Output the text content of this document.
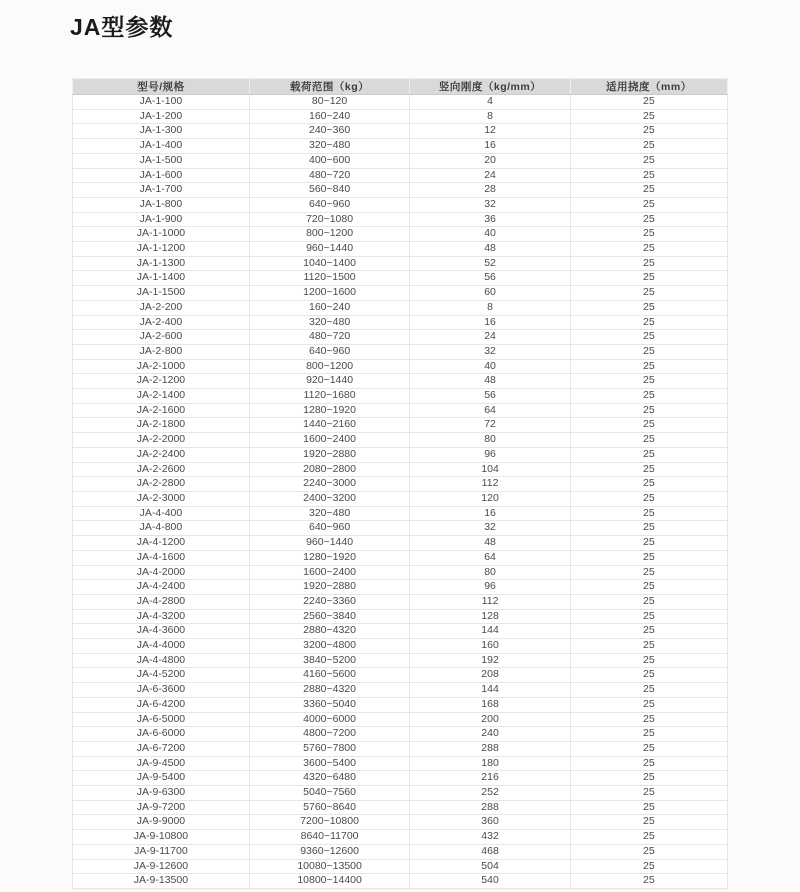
JA型参数
型号/规格	载荷范围（kg）	竖向刚度（kg/mm）	适用挠度（mm）
JA-1-100	80~120	4	25
JA-1-200	160~240	8	25
JA-1-300	240~360	12	25
JA-1-400	320~480	16	25
JA-1-500	400~600	20	25
JA-1-600	480~720	24	25
JA-1-700	560~840	28	25
JA-1-800	640~960	32	25
JA-1-900	720~1080	36	25
JA-1-1000	800~1200	40	25
JA-1-1200	960~1440	48	25
JA-1-1300	1040~1400	52	25
JA-1-1400	1120~1500	56	25
JA-1-1500	1200~1600	60	25
JA-2-200	160~240	8	25
JA-2-400	320~480	16	25
JA-2-600	480~720	24	25
JA-2-800	640~960	32	25
JA-2-1000	800~1200	40	25
JA-2-1200	920~1440	48	25
JA-2-1400	1120~1680	56	25
JA-2-1600	1280~1920	64	25
JA-2-1800	1440~2160	72	25
JA-2-2000	1600~2400	80	25
JA-2-2400	1920~2880	96	25
JA-2-2600	2080~2800	104	25
JA-2-2800	2240~3000	112	25
JA-2-3000	2400~3200	120	25
JA-4-400	320~480	16	25
JA-4-800	640~960	32	25
JA-4-1200	960~1440	48	25
JA-4-1600	1280~1920	64	25
JA-4-2000	1600~2400	80	25
JA-4-2400	1920~2880	96	25
JA-4-2800	2240~3360	112	25
JA-4-3200	2560~3840	128	25
JA-4-3600	2880~4320	144	25
JA-4-4000	3200~4800	160	25
JA-4-4800	3840~5200	192	25
JA-4-5200	4160~5600	208	25
JA-6-3600	2880~4320	144	25
JA-6-4200	3360~5040	168	25
JA-6-5000	4000~6000	200	25
JA-6-6000	4800~7200	240	25
JA-6-7200	5760~7800	288	25
JA-9-4500	3600~5400	180	25
JA-9-5400	4320~6480	216	25
JA-9-6300	5040~7560	252	25
JA-9-7200	5760~8640	288	25
JA-9-9000	7200~10800	360	25
JA-9-10800	8640~11700	432	25
JA-9-11700	9360~12600	468	25
JA-9-12600	10080~13500	504	25
JA-9-13500	10800~14400	540	25
